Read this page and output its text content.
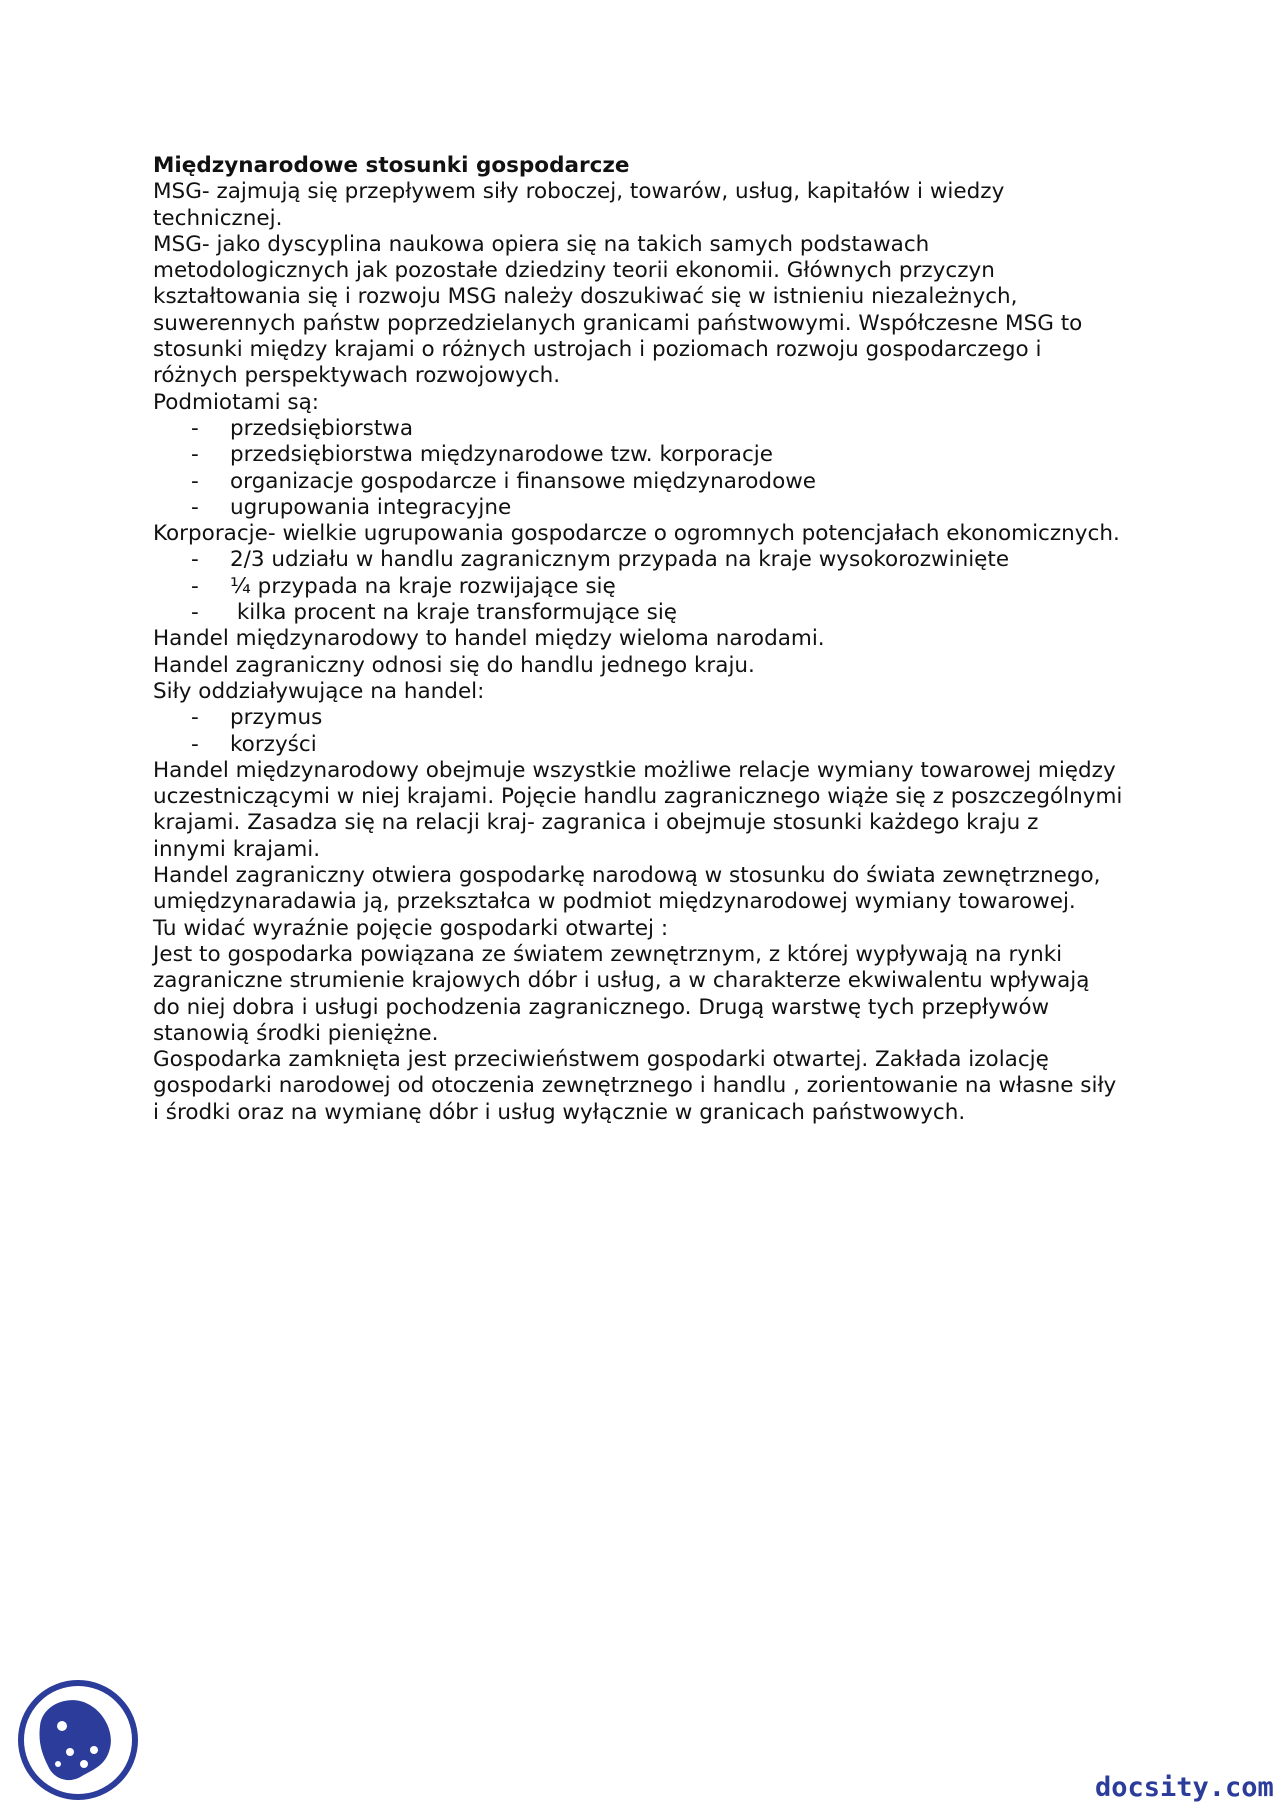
Międzynarodowe stosunki gospodarcze
MSG- zajmują się przepływem siły roboczej, towarów, usług, kapitałów i wiedzy
technicznej.
MSG- jako dyscyplina naukowa opiera się na takich samych podstawach
metodologicznych jak pozostałe dziedziny teorii ekonomii. Głównych przyczyn
kształtowania się i rozwoju MSG należy doszukiwać się w istnieniu niezależnych,
suwerennych państw poprzedzielanych granicami państwowymi. Współczesne MSG to
stosunki między krajami o różnych ustrojach i poziomach rozwoju gospodarczego i
różnych perspektywach rozwojowych.
Podmiotami są:
- przedsiębiorstwa
- przedsiębiorstwa międzynarodowe tzw. korporacje
- organizacje gospodarcze i finansowe międzynarodowe
- ugrupowania integracyjne
Korporacje- wielkie ugrupowania gospodarcze o ogromnych potencjałach ekonomicznych.
- 2/3 udziału w handlu zagranicznym przypada na kraje wysokorozwinięte
- ¼ przypada na kraje rozwijające się
- kilka procent na kraje transformujące się
Handel międzynarodowy to handel między wieloma narodami.
Handel zagraniczny odnosi się do handlu jednego kraju.
Siły oddziaływujące na handel:
- przymus
- korzyści
Handel międzynarodowy obejmuje wszystkie możliwe relacje wymiany towarowej między
uczestniczącymi w niej krajami. Pojęcie handlu zagranicznego wiąże się z poszczególnymi
krajami. Zasadza się na relacji kraj- zagranica i obejmuje stosunki każdego kraju z
innymi krajami.
Handel zagraniczny otwiera gospodarkę narodową w stosunku do świata zewnętrznego,
umiędzynaradawia ją, przekształca w podmiot międzynarodowej wymiany towarowej.
Tu widać wyraźnie pojęcie gospodarki otwartej :
Jest to gospodarka powiązana ze światem zewnętrznym, z której wypływają na rynki
zagraniczne strumienie krajowych dóbr i usług, a w charakterze ekwiwalentu wpływają
do niej dobra i usługi pochodzenia zagranicznego. Drugą warstwę tych przepływów
stanowią środki pieniężne.
Gospodarka zamknięta jest przeciwieństwem gospodarki otwartej. Zakłada izolację
gospodarki narodowej od otoczenia zewnętrznego i handlu , zorientowanie na własne siły
i środki oraz na wymianę dóbr i usług wyłącznie w granicach państwowych.
docsity.com
